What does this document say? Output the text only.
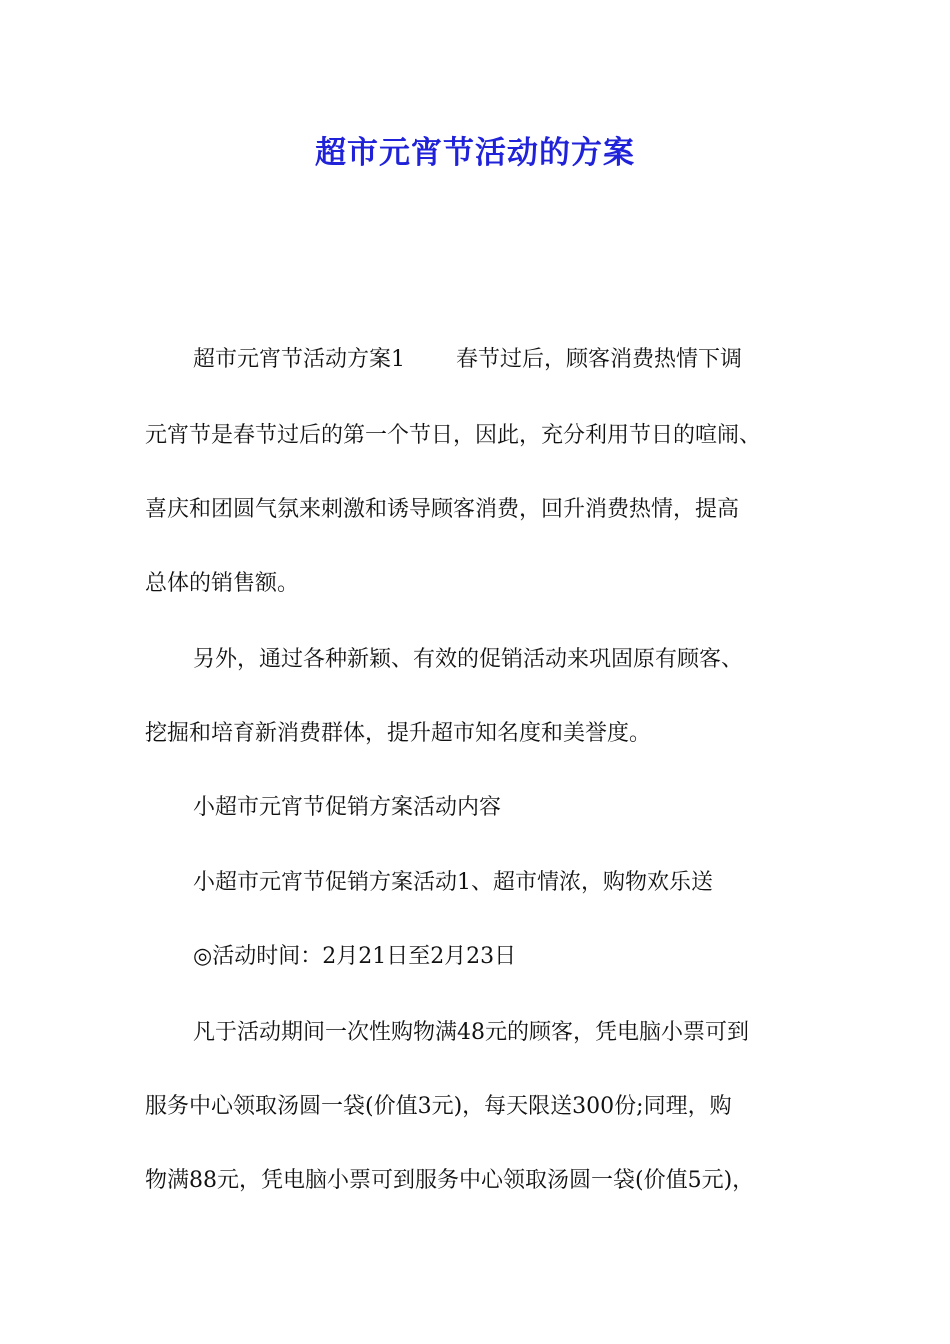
超市元宵节活动的方案
超市元宵节活动方案1　　 春节过后，顾客消费热情下调
元宵节是春节过后的第一个节日，因此，充分利用节日的喧闹、
喜庆和团圆气氛来刺激和诱导顾客消费，回升消费热情，提高
总体的销售额。
另外，通过各种新颖、有效的促销活动来巩固原有顾客、
挖掘和培育新消费群体，提升超市知名度和美誉度。
小超市元宵节促销方案活动内容
小超市元宵节促销方案活动1、超市情浓，购物欢乐送
◎活动时间：2月21日至2月23日
凡于活动期间一次性购物满48元的顾客，凭电脑小票可到
服务中心领取汤圆一袋(价值3元)，每天限送300份;同理，购
物满88元，凭电脑小票可到服务中心领取汤圆一袋(价值5元)，
